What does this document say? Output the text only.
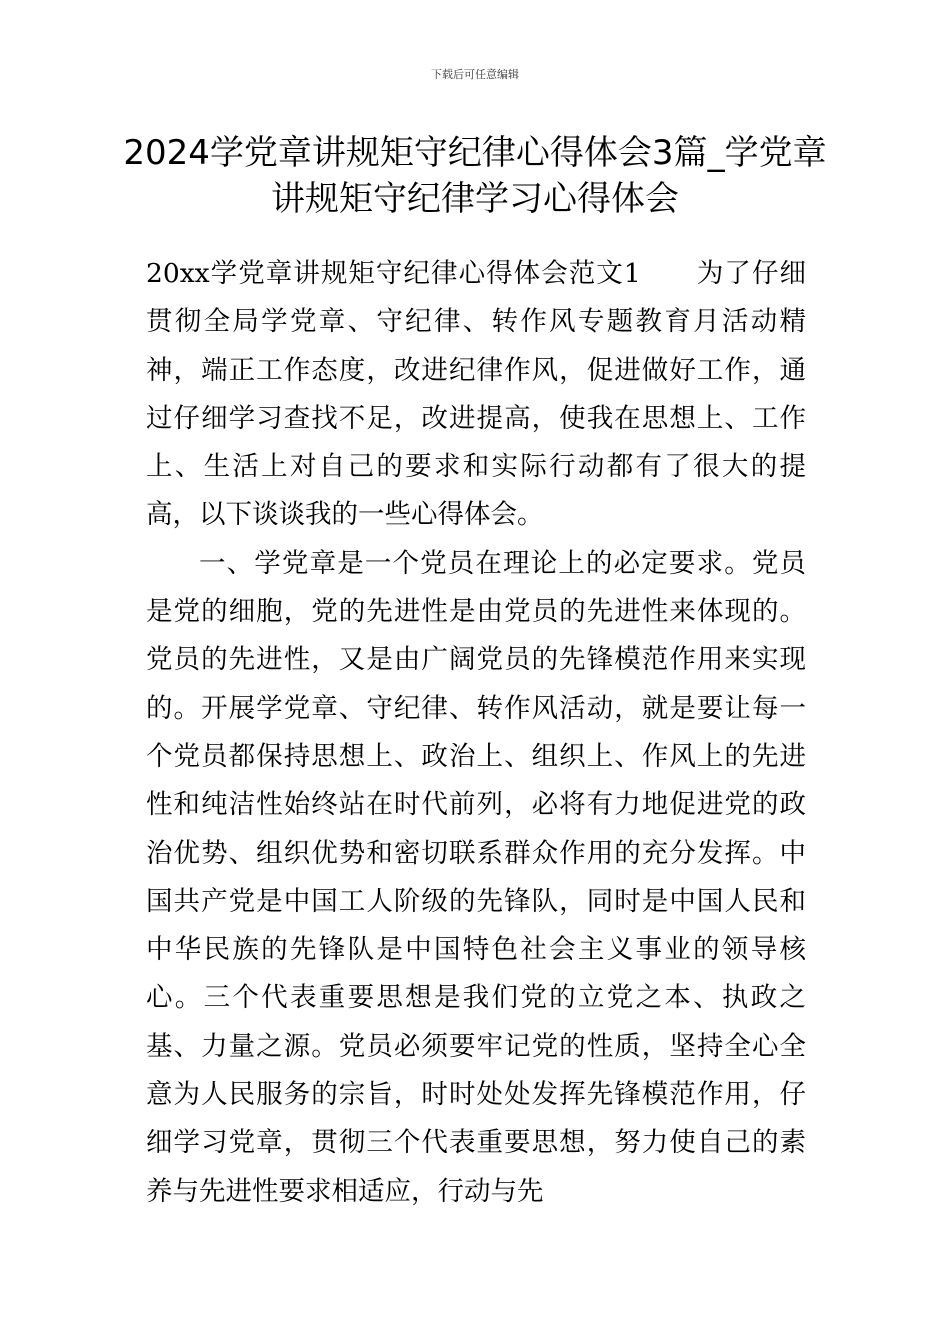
下载后可任意编辑
2024学党章讲规矩守纪律心得体会3篇_学党章讲规矩守纪律学习心得体会

20xx学党章讲规矩守纪律心得体会范文1　　为了仔细贯彻全局学党章、守纪律、转作风专题教育月活动精神，端正工作态度，改进纪律作风，促进做好工作，通过仔细学习查找不足，改进提高，使我在思想上、工作上、生活上对自己的要求和实际行动都有了很大的提高，以下谈谈我的一些心得体会。

一、学党章是一个党员在理论上的必定要求。党员是党的细胞，党的先进性是由党员的先进性来体现的。党员的先进性，又是由广阔党员的先锋模范作用来实现的。开展学党章、守纪律、转作风活动，就是要让每一个党员都保持思想上、政治上、组织上、作风上的先进性和纯洁性始终站在时代前列，必将有力地促进党的政治优势、组织优势和密切联系群众作用的充分发挥。中国共产党是中国工人阶级的先锋队，同时是中国人民和中华民族的先锋队是中国特色社会主义事业的领导核心。三个代表重要思想是我们党的立党之本、执政之基、力量之源。党员必须要牢记党的性质，坚持全心全意为人民服务的宗旨，时时处处发挥先锋模范作用，仔细学习党章，贯彻三个代表重要思想，努力使自己的素养与先进性要求相适应，行动与先
